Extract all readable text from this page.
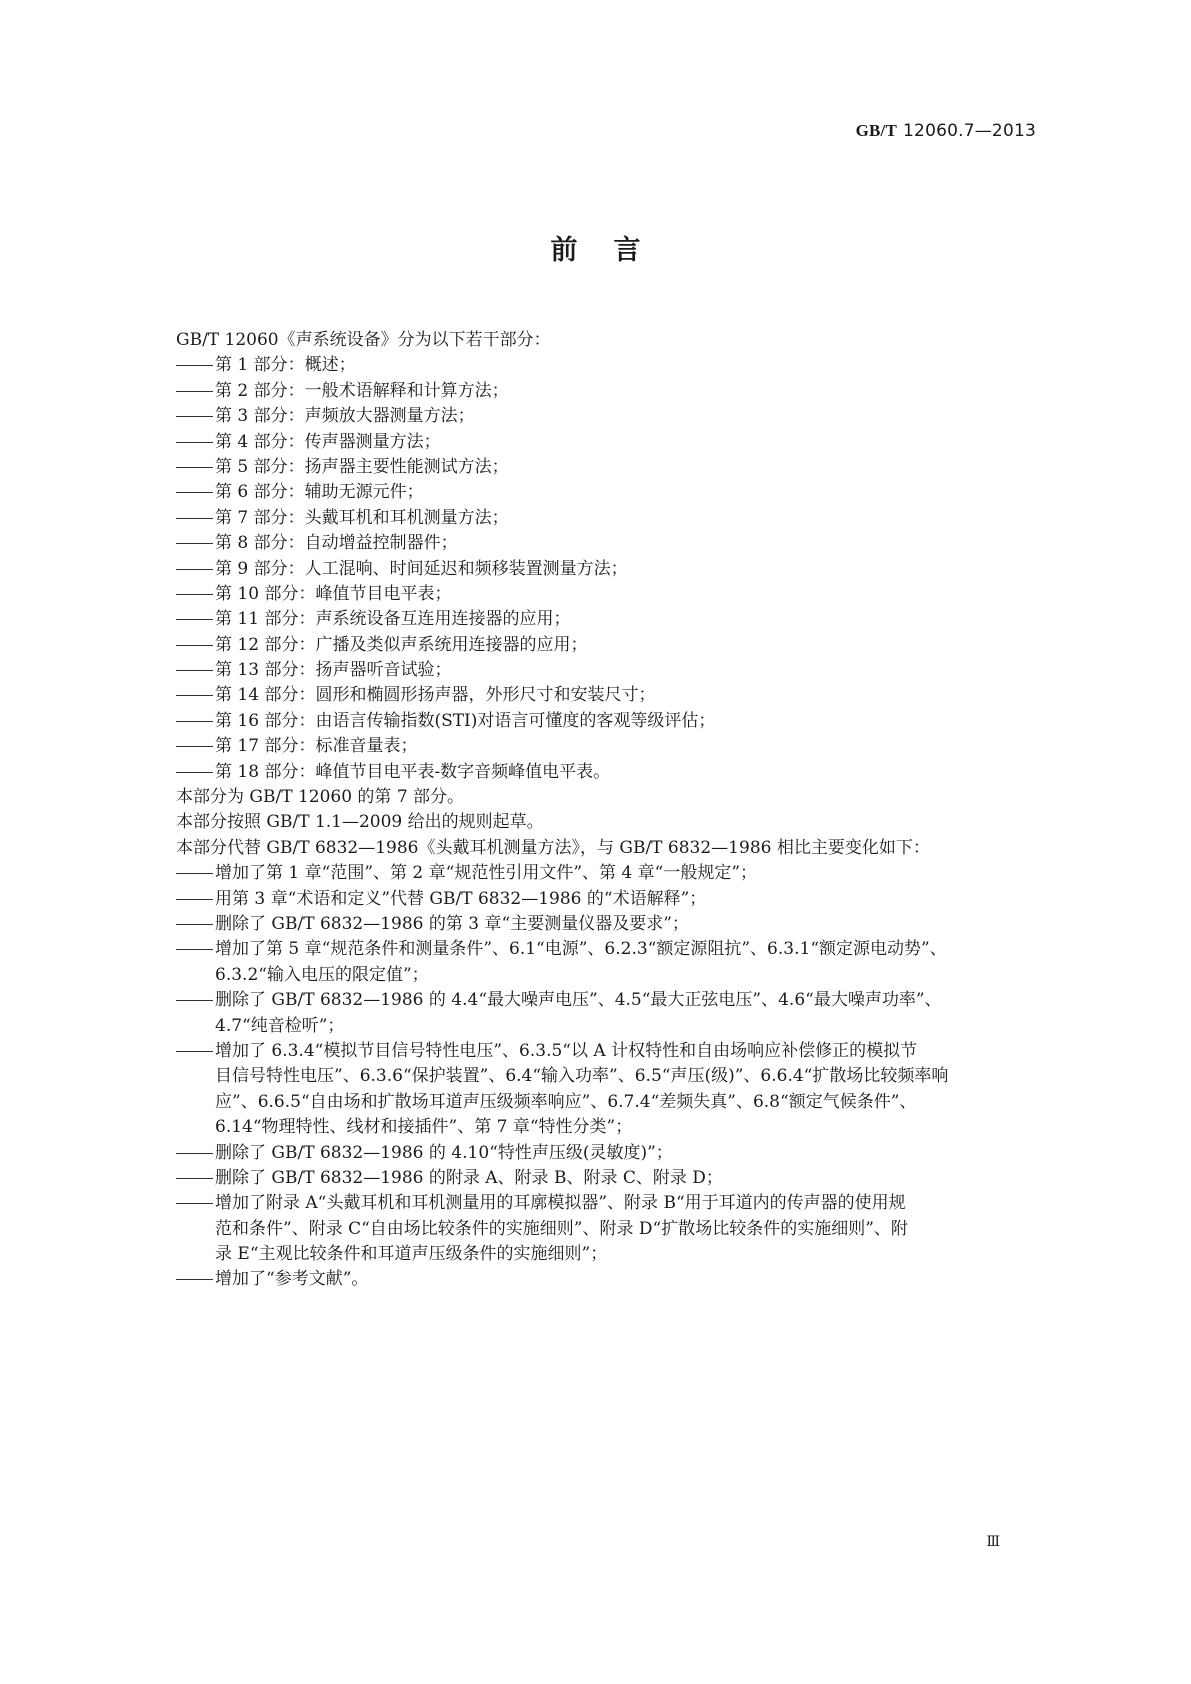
GB/T 12060.7—2013
前言
GB/T 12060《声系统设备》分为以下若干部分：
第 1 部分：概述；
第 2 部分：一般术语解释和计算方法；
第 3 部分：声频放大器测量方法；
第 4 部分：传声器测量方法；
第 5 部分：扬声器主要性能测试方法；
第 6 部分：辅助无源元件；
第 7 部分：头戴耳机和耳机测量方法；
第 8 部分：自动增益控制器件；
第 9 部分：人工混响、时间延迟和频移装置测量方法；
第 10 部分：峰值节目电平表；
第 11 部分：声系统设备互连用连接器的应用；
第 12 部分：广播及类似声系统用连接器的应用；
第 13 部分：扬声器听音试验；
第 14 部分：圆形和椭圆形扬声器，外形尺寸和安装尺寸；
第 16 部分：由语言传输指数(STI)对语言可懂度的客观等级评估；
第 17 部分：标准音量表；
第 18 部分：峰值节目电平表-数字音频峰值电平表。
本部分为 GB/T 12060 的第 7 部分。
本部分按照 GB/T 1.1—2009 给出的规则起草。
本部分代替 GB/T 6832—1986《头戴耳机测量方法》，与 GB/T 6832—1986 相比主要变化如下：
增加了第 1 章“范围”、第 2 章“规范性引用文件”、第 4 章“一般规定”；
用第 3 章“术语和定义”代替 GB/T 6832—1986 的“术语解释”；
删除了 GB/T 6832—1986 的第 3 章“主要测量仪器及要求”；
增加了第 5 章“规范条件和测量条件”、6.1“电源”、6.2.3“额定源阻抗”、6.3.1“额定源电动势”、
6.3.2“输入电压的限定值”；
删除了 GB/T 6832—1986 的 4.4“最大噪声电压”、4.5“最大正弦电压”、4.6“最大噪声功率”、
4.7“纯音检听”；
增加了 6.3.4“模拟节目信号特性电压”、6.3.5“以 A 计权特性和自由场响应补偿修正的模拟节
目信号特性电压”、6.3.6“保护装置”、6.4“输入功率”、6.5“声压(级)”、6.6.4“扩散场比较频率响
应”、6.6.5“自由场和扩散场耳道声压级频率响应”、6.7.4“差频失真”、6.8“额定气候条件”、
6.14“物理特性、线材和接插件”、第 7 章“特性分类”；
删除了 GB/T 6832—1986 的 4.10“特性声压级(灵敏度)”；
删除了 GB/T 6832—1986 的附录 A、附录 B、附录 C、附录 D；
增加了附录 A“头戴耳机和耳机测量用的耳廓模拟器”、附录 B“用于耳道内的传声器的使用规
范和条件”、附录 C“自由场比较条件的实施细则”、附录 D“扩散场比较条件的实施细则”、附
录 E“主观比较条件和耳道声压级条件的实施细则”；
增加了“参考文献”。
Ⅲ
